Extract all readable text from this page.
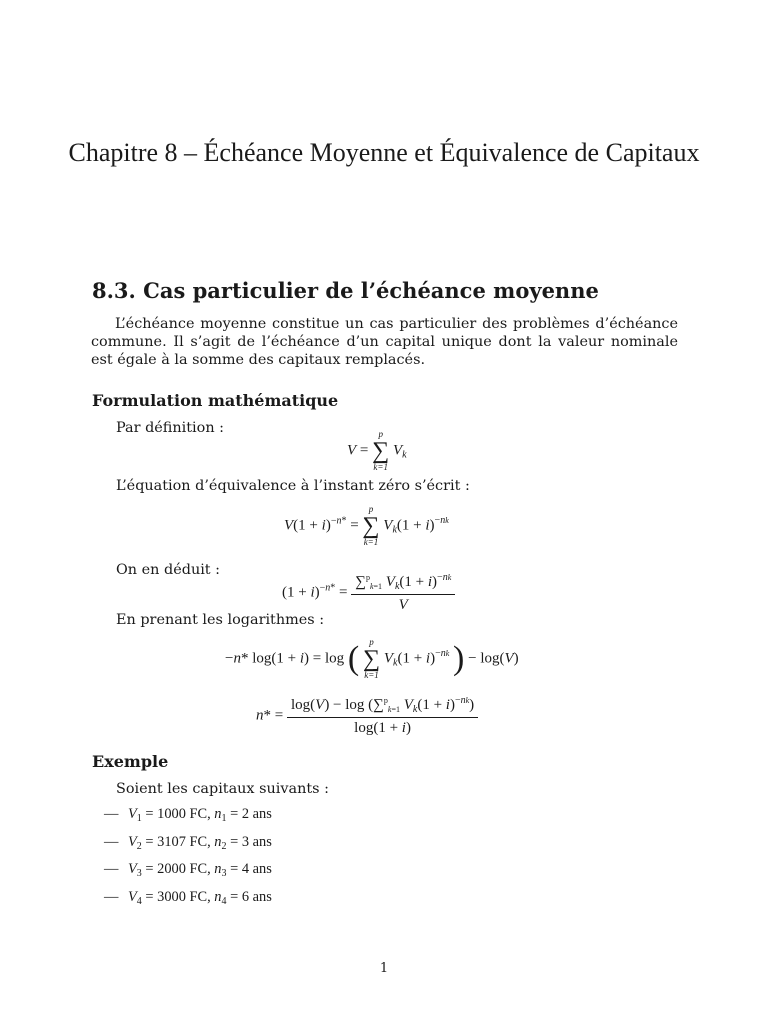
Chapitre 8 – Échéance Moyenne et Équivalence de Capitaux
8.3. Cas particulier de l’échéance moyenne
L’échéance moyenne constitue un cas particulier des problèmes d’échéance commune. Il s’agit de l’échéance d’un capital unique dont la valeur nominale est égale à la somme des capitaux remplacés.
Formulation mathématique
Par définition :
V =
p
∑
k=1
$V_k$
L’équation d’équivalence à l’instant zéro s’écrit :
$V(1 + i)^{-n*}$ =
p
∑
k=1
$V_k(1 + i)^{-nk}$
On en déduit :
$(1 + i)^{-n*} = \frac{\sum^p_{k=1} V_k(1 + i)^{-nk}}{V}$
En prenant les logarithmes :
−n* log(1 + i) = log (	p
∑
k=1
$V_k(1 + i)^{-nk}$ ) − log(V)
$n* = \frac{\log(V) - \log (\sum^p_{k=1} V_k(1 + i)^{-nk})}{\log(1 + i)}$
Exemple
Soient les capitaux suivants :
— $V_1 = 1000$ FC, $n_1 = 2$ ans
— $V_2 = 3107$ FC, $n_2 = 3$ ans
— $V_3 = 2000$ FC, $n_3 = 4$ ans
— $V_4 = 3000$ FC, $n_4 = 6$ ans
1
